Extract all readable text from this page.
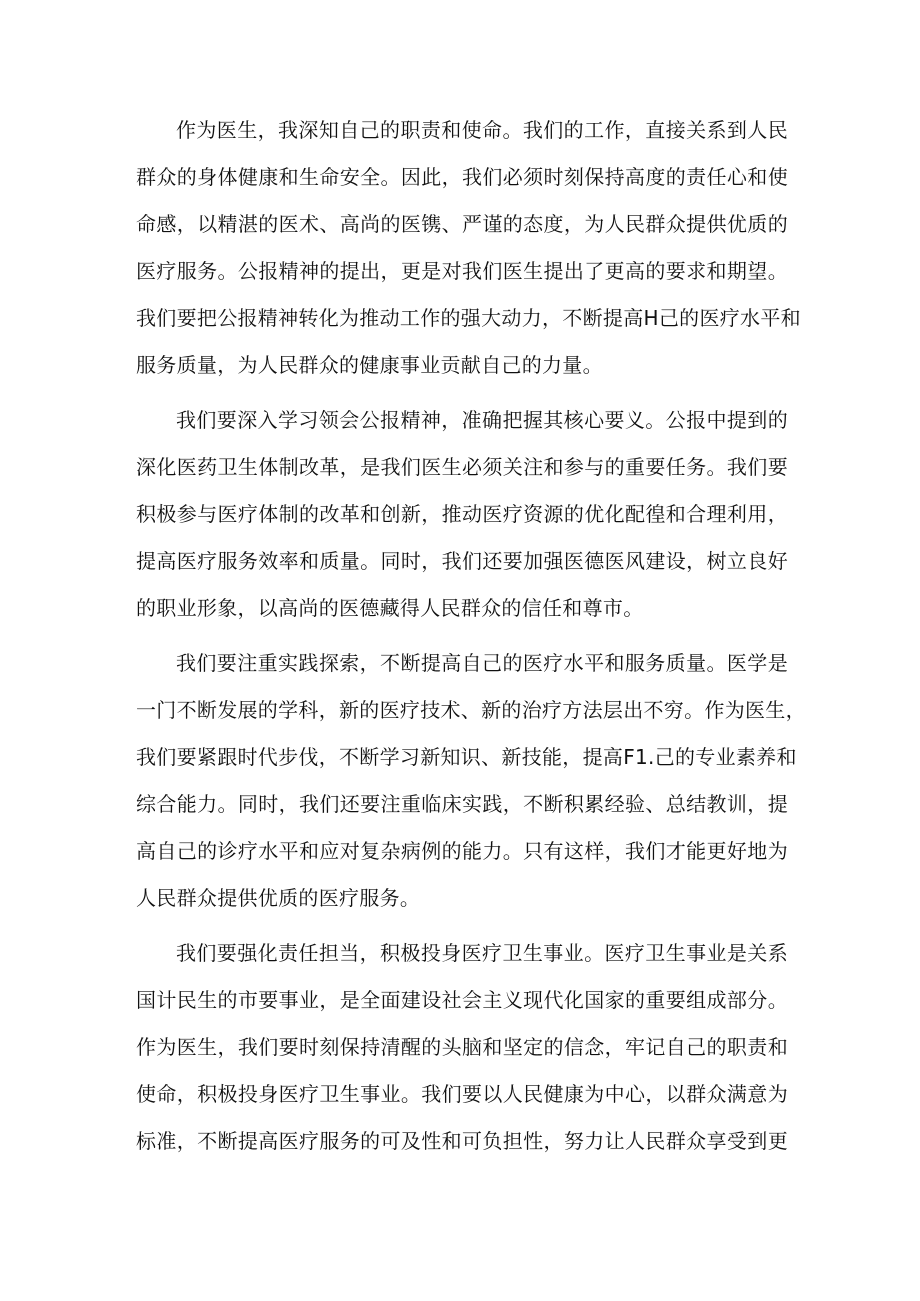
作为医生，我深知自己的职责和使命。我们的工作，直接关系到人民
群众的身体健康和生命安全。因此，我们必须时刻保持高度的责任心和使
命感，以精湛的医术、高尚的医镌、严谨的态度，为人民群众提供优质的
医疗服务。公报精神的提出，更是对我们医生提出了更高的要求和期望。
我们要把公报精神转化为推动工作的强大动力，不断提高H己的医疗水平和
服务质量，为人民群众的健康事业贡献自己的力量。
我们要深入学习领会公报精神，准确把握其核心要义。公报中提到的
深化医药卫生体制改革，是我们医生必须关注和参与的重要任务。我们要
积极参与医疗体制的改革和创新，推动医疗资源的优化配徨和合理利用，
提高医疗服务效率和质量。同时，我们还要加强医德医风建设，树立良好
的职业形象，以高尚的医德藏得人民群众的信任和尊市。
我们要注重实践探索，不断提高自己的医疗水平和服务质量。医学是
一门不断发展的学科，新的医疗技术、新的治疗方法层出不穷。作为医生，
我们要紧跟时代步伐，不断学习新知识、新技能，提高F1.己的专业素养和
综合能力。同时，我们还要注重临床实践，不断积累经验、总结教训，提
高自己的诊疗水平和应对复杂病例的能力。只有这样，我们才能更好地为
人民群众提供优质的医疗服务。
我们要强化责任担当，积极投身医疗卫生事业。医疗卫生事业是关系
国计民生的市要事业，是全面建设社会主义现代化国家的重要组成部分。
作为医生，我们要时刻保持清醒的头脑和坚定的信念，牢记自己的职责和
使命，积极投身医疗卫生事业。我们要以人民健康为中心，以群众满意为
标准，不断提高医疗服务的可及性和可负担性，努力让人民群众享受到更
